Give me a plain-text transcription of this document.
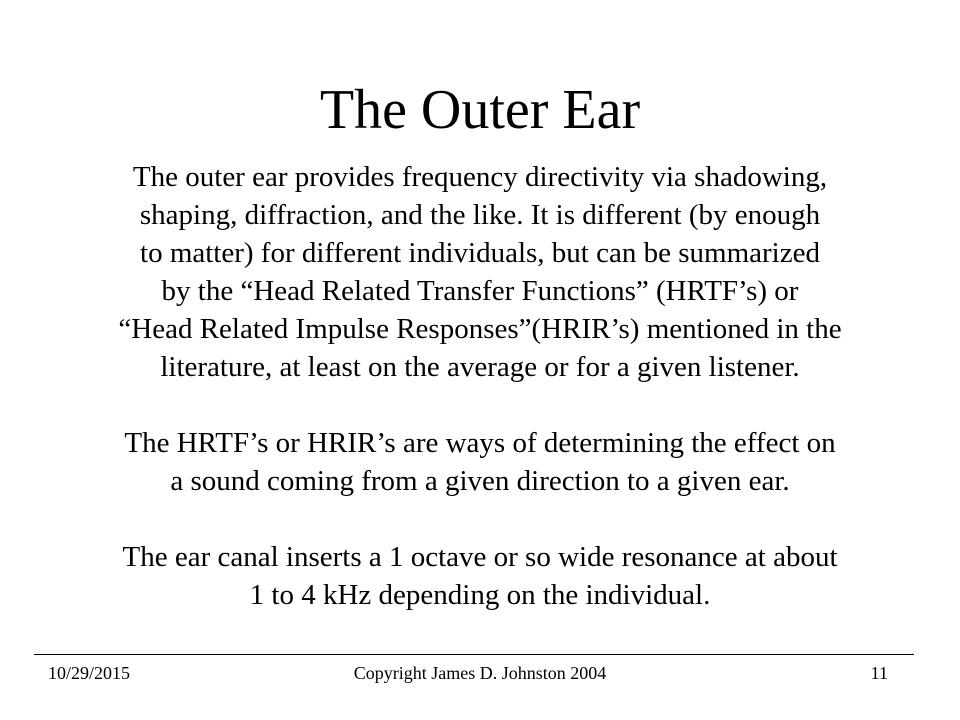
The Outer Ear

The outer ear provides frequency directivity via shadowing,
shaping, diffraction, and the like. It is different (by enough
to matter) for different individuals, but can be summarized
by the “Head Related Transfer Functions” (HRTF’s) or
“Head Related Impulse Responses”(HRIR’s) mentioned in the
literature, at least on the average or for a given listener.

The HRTF’s or HRIR’s are ways of determining the effect on
a sound coming from a given direction to a given ear.

The ear canal inserts a 1 octave or so wide resonance at about
1 to 4 kHz depending on the individual.

10/29/2015	Copyright James D. Johnston 2004	11
